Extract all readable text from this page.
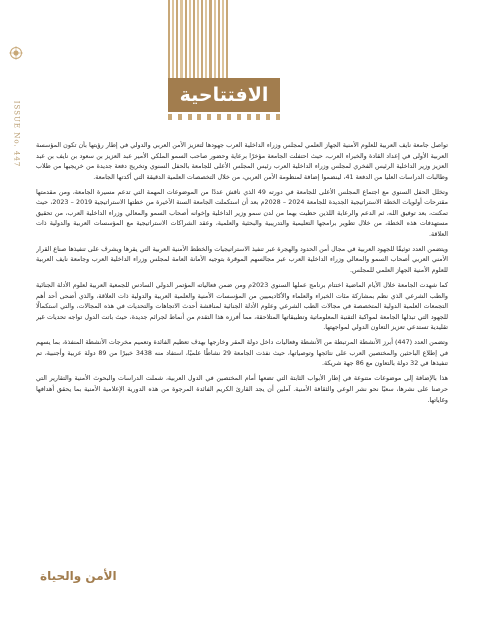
الافتتاحية
ISSUE No. 447	تواصل جامعة نايف العربية للعلوم الأمنية الجهاز العلمي لمجلس وزراء الداخلية العرب جهودها لتعزيز الأمن العربي والدولي في إطار رؤيتها بأن تكون المؤسسة العربية الأولى في إعداد القادة والخبراء العرب، حيث احتفلت الجامعة مؤخرًا برعاية وحضور صاحب السمو الملكي الأمير عبد العزيز بن سعود بن نايف بن عبد العزيز وزير الداخلية الرئيس الفخري لمجلس وزراء الداخلية العرب رئيس المجلس الأعلى للجامعة بالحفل السنوي وتخريج دفعة جديدة من خريجيها من طلاب وطالبات الدراسات العليا من الدفعة 41، لينضموا إضافة لمنظومة الأمن العربي، من خلال التخصصات العلمية الدقيقة التي أكدتها الجامعة.

وتخلل الحفل السنوي مع اجتماع المجلس الأعلى للجامعة في دورته 49 الذي ناقش عددًا من الموضوعات المهمة التي تدعم مسيرة الجامعة، ومن مقدمتها مقترحات أولويات الخطة الاستراتيجية الجديدة للجامعة 2024 – 2028م بعد أن استكملت الجامعة السنة الأخيرة من خطتها الاستراتيجية 2019 – 2023، حيث تمكنت، بعد توفيق الله، ثم الدعم والرعاية اللذين حظيت بهما من لدن سمو وزير الداخلية وإخوانه أصحاب السمو والمعالي وزراء الداخلية العرب، من تحقيق مستهدفات هذه الخطة، من خلال تطوير برامجها التعليمية والتدريبية والبحثية والعلمية، وعقد الشراكات الاستراتيجية مع المؤسسات العربية والدولية ذات العلاقة.

ويتضمن العدد توثيقًا للجهود العربية في مجال أمن الحدود والهجرة عبر تنفيذ الاستراتيجيات والخطط الأمنية العربية التي يقرها ويشرف على تنفيذها صناع القرار الأمني العربي أصحاب السمو والمعالي وزراء الداخلية العرب عبر مجالسهم الموقرة بتوجيه الأمانة العامة لمجلس وزراء الداخلية العرب وجامعة نايف العربية للعلوم الأمنية الجهاز العلمي للمجلس.

كما شهدت الجامعة خلال الأيام الماضية اختتام برنامج عملها السنوي 2023م ومن ضمن فعالياته المؤتمر الدولي السادس للجمعية العربية لعلوم الأدلة الجنائية والطب الشرعي الذي نظم بمشاركة مئات الخبراء والعلماء والأكاديميين من المؤسسات الأمنية والعلمية العربية والدولية ذات العلاقة، والذي أضحى أحد أهم التجمعات العلمية الدولية المتخصصة في مجالات الطب الشرعي وعلوم الأدلة الجنائية لمناقشة أحدث الاتجاهات والتحديات في هذه المجالات، والتي استكمالًا للجهود التي تبذلها الجامعة لمواكبة التقنية المعلوماتية وتطبيقاتها المتلاحقة، مما أفرزه هذا التقدم من أنماط لجرائم جديدة، حيث باتت الدول تواجه تحديات غير تقليدية تستدعي تعزيز التعاون الدولي لمواجهتها.

وتضمن العدد (447) أبرز الأنشطة المرتبطة من الأنشطة وفعاليات داخل دولة المقر وخارجها بهدف تعظيم الفائدة وتعميم مخرجات الأنشطة المنفذة، بما يسهم في إطلاع الباحثين والمختصين العرب على نتائجها وتوصياتها، حيث نفذت الجامعة 29 نشاطًا علميًا، استفاد منه 3438 خبيرًا من 89 دولة عربية وأجنبية، تم تنفيذها في 32 دولة بالتعاون مع 86 جهة شريكة.

هذا بالإضافة إلى موضوعات متنوعة في إطار الأبواب الثابتة التي تضعها أمام المختصين في الدول العربية، شملت الدراسات والبحوث الأمنية والتقارير التي حرصنا على نشرها، سعيًا نحو نشر الوعي والثقافة الأمنية. آملين أن يجد القارئ الكريم الفائدة المرجوة من هذه الدورية الإعلامية الأمنية بما يحقق أهدافها وغاياتها.

الأمن والحياة
